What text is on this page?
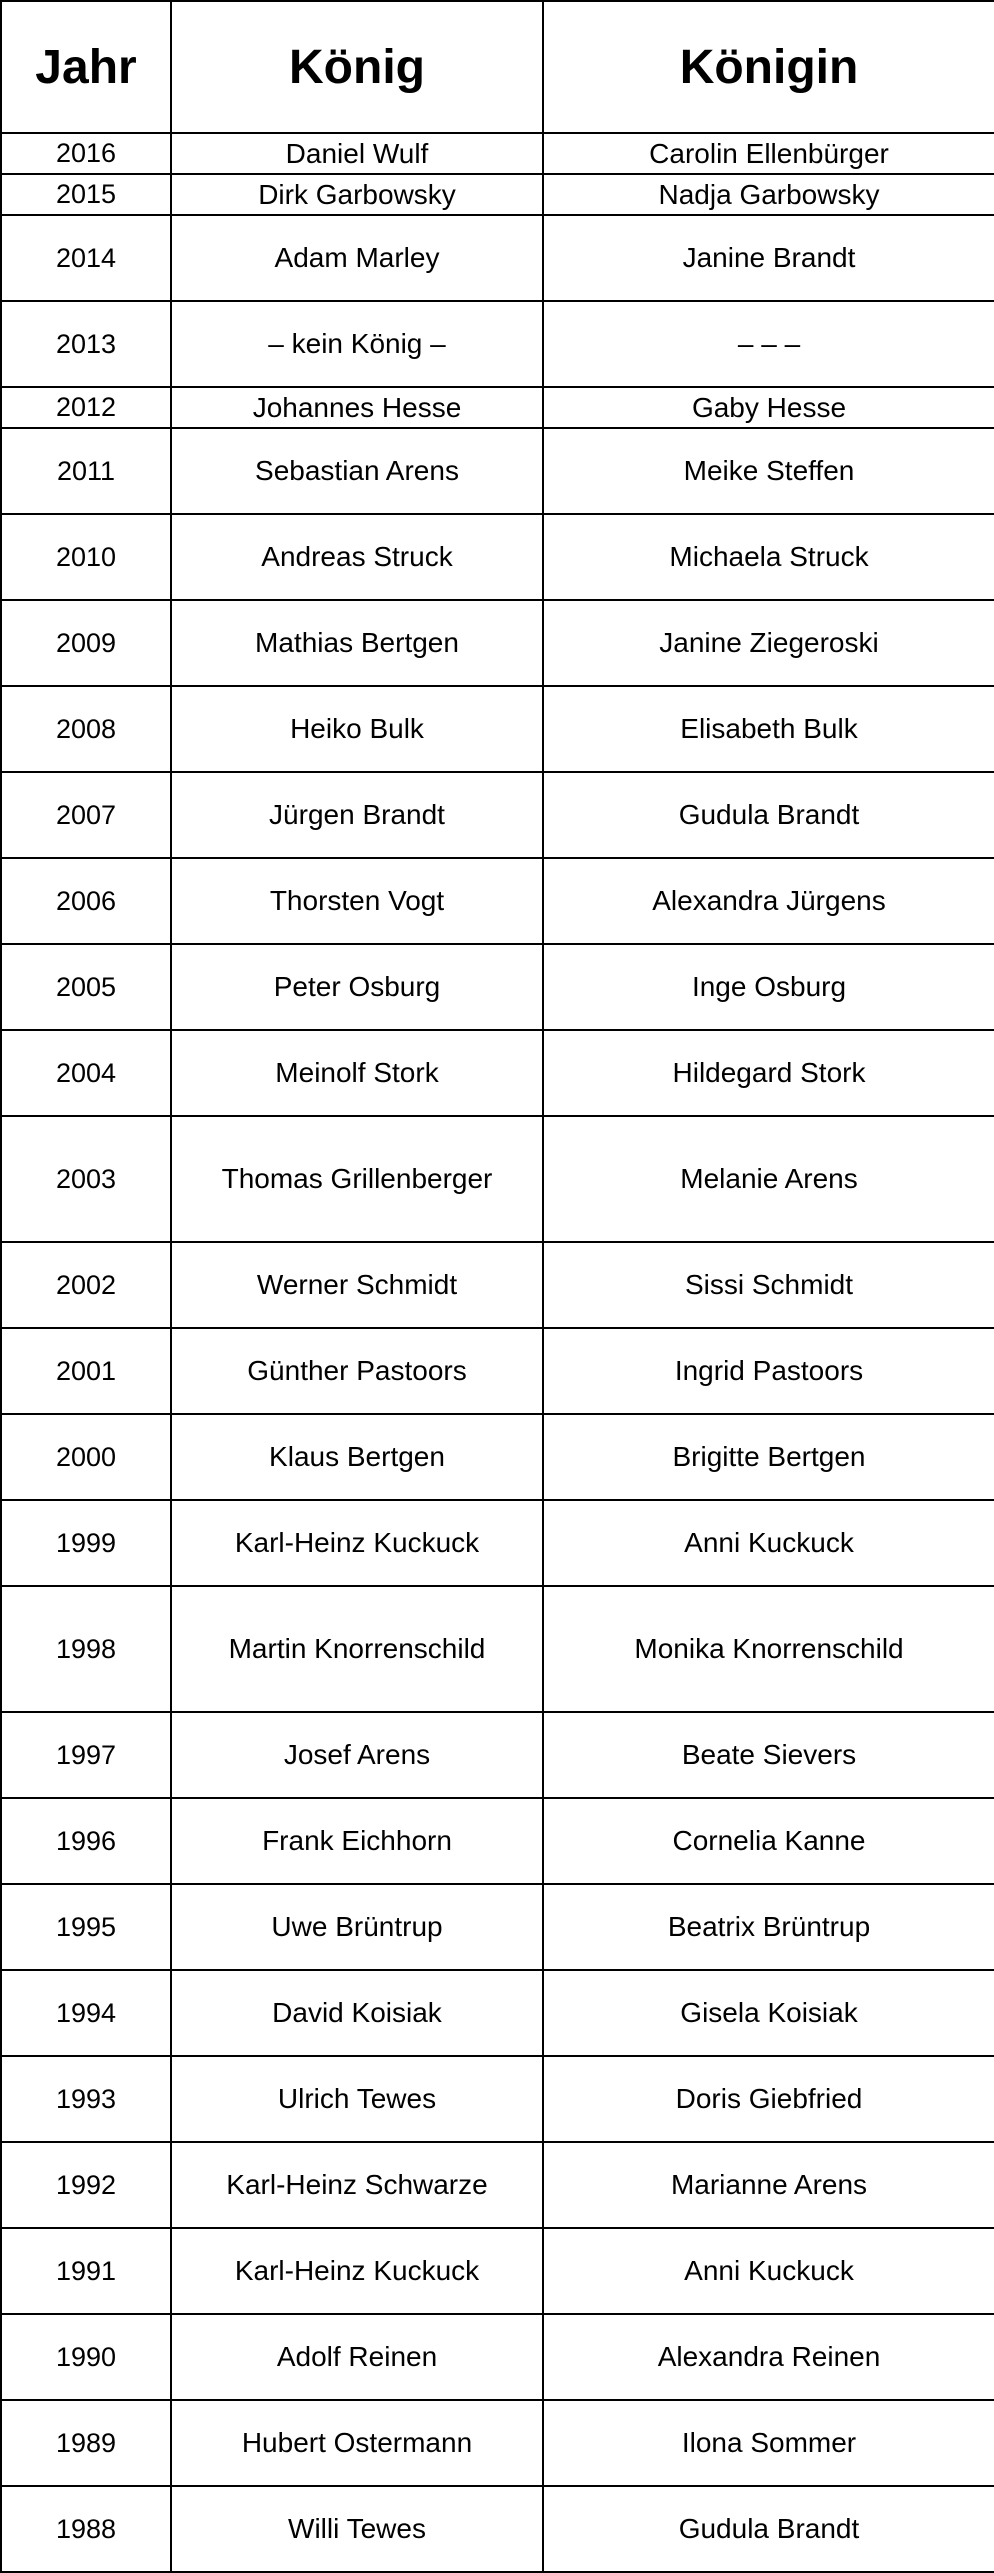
Jahr	König	Königin
2016	Daniel Wulf	Carolin Ellenbürger
2015	Dirk Garbowsky	Nadja Garbowsky
2014	Adam Marley	Janine Brandt
2013	– kein König –	– – –
2012	Johannes Hesse	Gaby Hesse
2011	Sebastian Arens	Meike Steffen
2010	Andreas Struck	Michaela Struck
2009	Mathias Bertgen	Janine Ziegeroski
2008	Heiko Bulk	Elisabeth Bulk
2007	Jürgen Brandt	Gudula Brandt
2006	Thorsten Vogt	Alexandra Jürgens
2005	Peter Osburg	Inge Osburg
2004	Meinolf Stork	Hildegard Stork
2003	Thomas Grillenberger	Melanie Arens
2002	Werner Schmidt	Sissi Schmidt
2001	Günther Pastoors	Ingrid Pastoors
2000	Klaus Bertgen	Brigitte Bertgen
1999	Karl-Heinz Kuckuck	Anni Kuckuck
1998	Martin Knorrenschild	Monika Knorrenschild
1997	Josef Arens	Beate Sievers
1996	Frank Eichhorn	Cornelia Kanne
1995	Uwe Brüntrup	Beatrix Brüntrup
1994	David Koisiak	Gisela Koisiak
1993	Ulrich Tewes	Doris Giebfried
1992	Karl-Heinz Schwarze	Marianne Arens
1991	Karl-Heinz Kuckuck	Anni Kuckuck
1990	Adolf Reinen	Alexandra Reinen
1989	Hubert Ostermann	Ilona Sommer
1988	Willi Tewes	Gudula Brandt
